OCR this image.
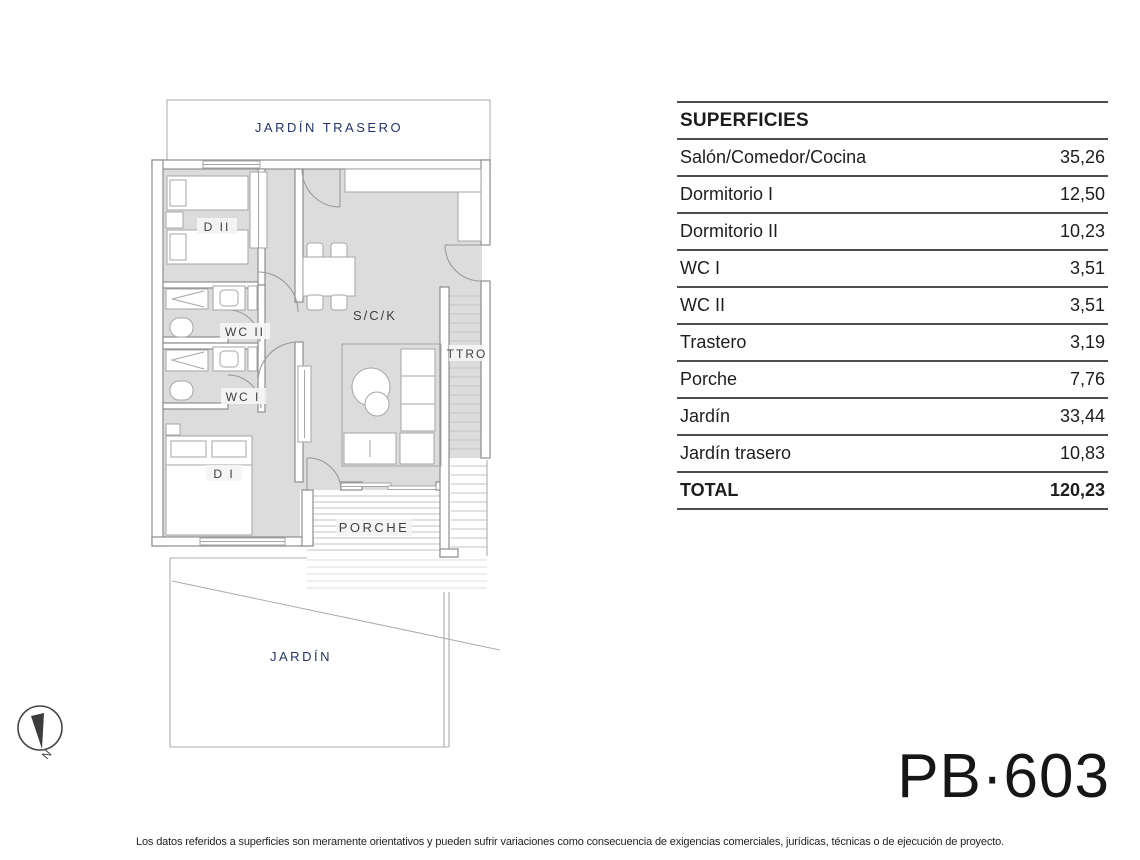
N
JARDÍN TRASERO
D II
WC II
WC I
D I
S/C/K
TTRO
PORCHE
JARDÍN
SUPERFICIES
Salón/Comedor/Cocina	35,26
Dormitorio I	12,50
Dormitorio II	10,23
WC I	3,51
WC II	3,51
Trastero	3,19
Porche	7,76
Jardín	33,44
Jardín trasero	10,83
TOTAL	120,23
PB·603
Los datos referidos a superficies son meramente orientativos y pueden sufrir variaciones como consecuencia de exigencias comerciales, jurídicas, técnicas o de ejecución de proyecto.
